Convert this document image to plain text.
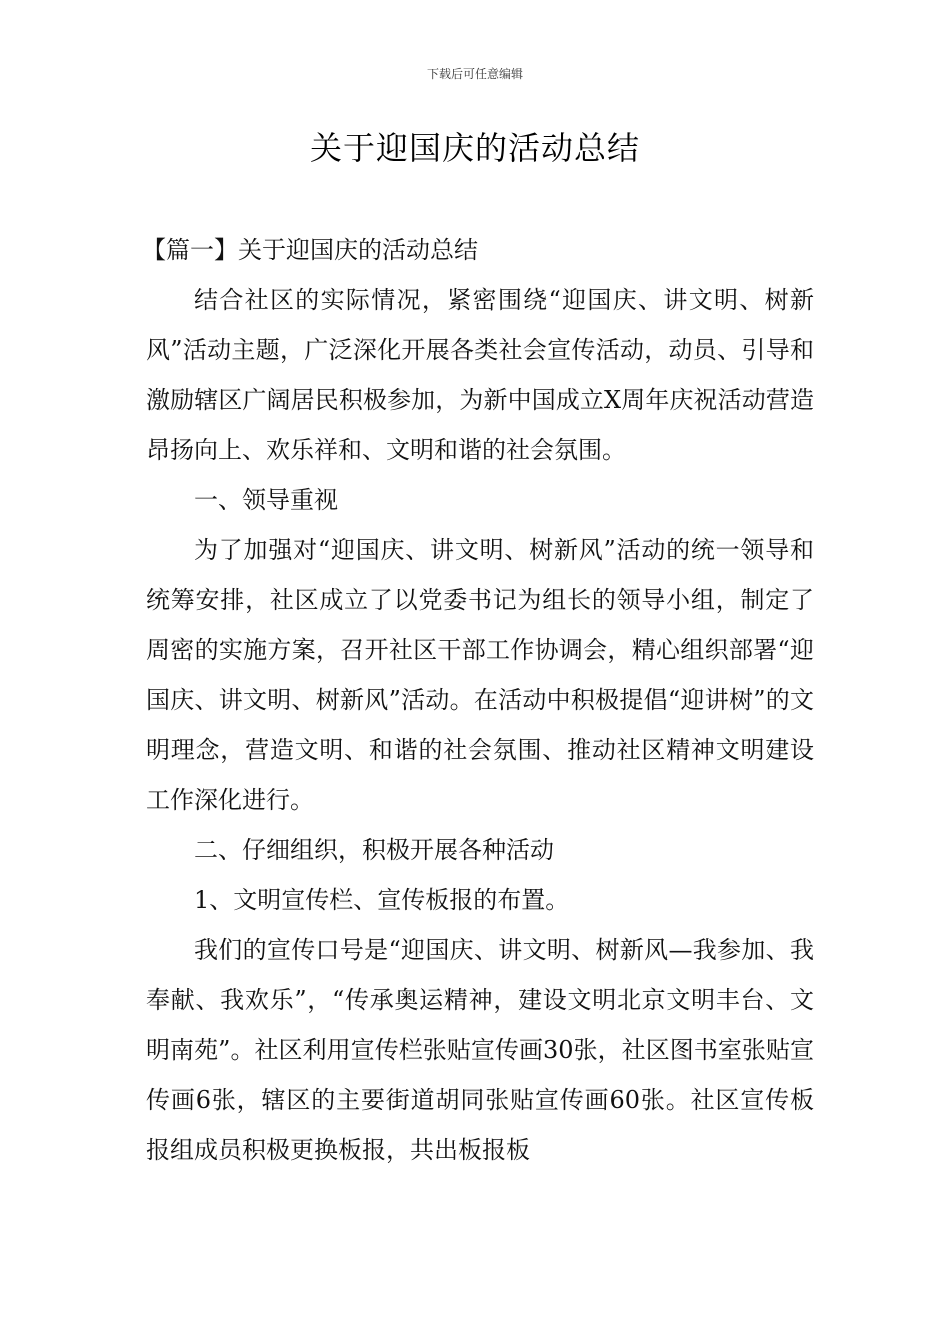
下载后可任意编辑
关于迎国庆的活动总结

【篇一】关于迎国庆的活动总结

结合社区的实际情况，紧密围绕“迎国庆、讲文明、树新风”活动主题，广泛深化开展各类社会宣传活动，动员、引导和激励辖区广阔居民积极参加，为新中国成立X周年庆祝活动营造昂扬向上、欢乐祥和、文明和谐的社会氛围。

一、领导重视

为了加强对“迎国庆、讲文明、树新风”活动的统一领导和统筹安排，社区成立了以党委书记为组长的领导小组，制定了周密的实施方案，召开社区干部工作协调会，精心组织部署“迎国庆、讲文明、树新风”活动。在活动中积极提倡“迎讲树”的文明理念，营造文明、和谐的社会氛围、推动社区精神文明建设工作深化进行。

二、仔细组织，积极开展各种活动

1、文明宣传栏、宣传板报的布置。

我们的宣传口号是“迎国庆、讲文明、树新风—我参加、我奉献、我欢乐”，“传承奥运精神，建设文明北京文明丰台、文明南苑”。社区利用宣传栏张贴宣传画30张，社区图书室张贴宣传画6张，辖区的主要街道胡同张贴宣传画60张。社区宣传板报组成员积极更换板报，共出板报板
